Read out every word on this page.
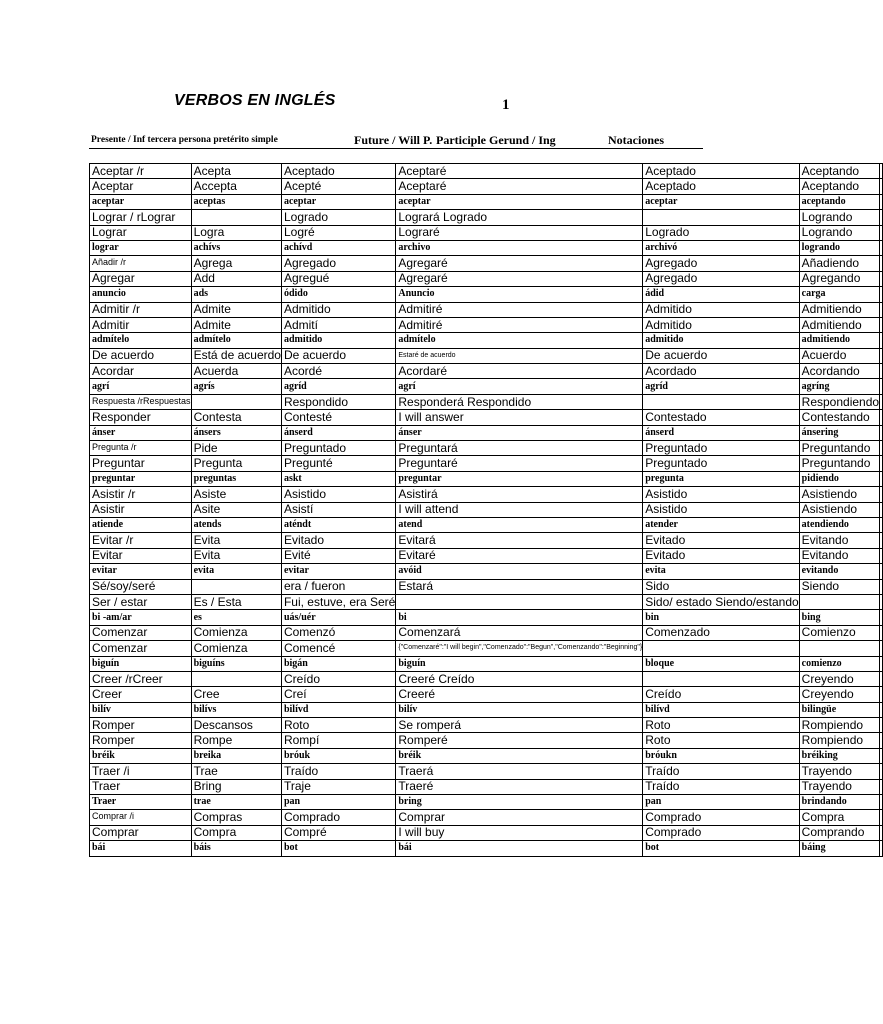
VERBOS EN INGLÉS	1
Presente / Inf tercera persona pretérito simple	Future / Will P.	Participle Gerund / Ing	Notaciones
Aceptar /r	Acepta	Aceptado	Aceptaré	Aceptado	Aceptando	
Aceptar	Accepta	Acepté	Aceptaré	Aceptado	Aceptando	
aceptar	aceptas	aceptar	aceptar	aceptar	aceptando	
Lograr / rLograr		Logrado	Logrará Logrado		Logrando	
Lograr	Logra	Logré	Lograré	Logrado	Logrando	
lograr	achívs	achívd	archivo	archivó	logrando	
Añadir /r	Agrega	Agregado	Agregaré	Agregado	Añadiendo	
Agregar	Add	Agregué	Agregaré	Agregado	Agregando	
anuncio	ads	ódido	Anuncio	ádid	carga	
Admitir /r	Admite	Admitido	Admitiré	Admitido	Admitiendo	
Admitir	Admite	Admití	Admitiré	Admitido	Admitiendo	
admítelo	admítelo	admitido	admítelo	admitido	admitiendo	
De acuerdo	Está de acuerdo	De acuerdo	Estaré de acuerdo	De acuerdo	Acuerdo	
Acordar	Acuerda	Acordé	Acordaré	Acordado	Acordando	
agrí	agrís	agríd	agrí	agríd	agríng	
Respuesta /rRespuestas		Respondido	Responderá Respondido		Respondiendo	
Responder	Contesta	Contesté	I will answer	Contestado	Contestando	
ánser	ánsers	ánserd	ánser	ánserd	ánsering	
Pregunta /r	Pide	Preguntado	Preguntará	Preguntado	Preguntando	
Preguntar	Pregunta	Pregunté	Preguntaré	Preguntado	Preguntando	
preguntar	preguntas	askt	preguntar	pregunta	pidiendo	
Asistir /r	Asiste	Asistido	Asistirá	Asistido	Asistiendo	
Asistir	Asite	Asistí	I will attend	Asistido	Asistiendo	
atiende	atends	aténdt	atend	atender	atendiendo	
Evitar /r	Evita	Evitado	Evitará	Evitado	Evitando	
Evitar	Evita	Evité	Evitaré	Evitado	Evitando	
evitar	evita	evitar	avóid	evita	evitando	
Sé/soy/seré		era / fueron	Estará	Sido	Siendo	
Ser / estar	Es / Esta	Fui, estuve, era Seré		Sido/ estado Siendo/estando		
bi -am/ar	es	uás/uér	bi	bin	bing	
Comenzar	Comienza	Comenzó	Comenzará	Comenzado	Comienzo	
Comenzar	Comienza	Comencé	{"Comenzaré":"I will begin","Comenzado":"Begun","Comenzando":"Beginning"}			
biguín	biguíns	bigán	biguín	bloque	comienzo	
Creer /rCreer		Creído	Creeré Creído		Creyendo	
Creer	Cree	Creí	Creeré	Creído	Creyendo	
bilív	bilívs	bilívd	bilív	bilívd	bilingüe	
Romper	Descansos	Roto	Se romperá	Roto	Rompiendo	
Romper	Rompe	Rompí	Romperé	Roto	Rompiendo	
bréik	breika	bróuk	bréik	bróukn	bréiking	
Traer /i	Trae	Traído	Traerá	Traído	Trayendo	
Traer	Bring	Traje	Traeré	Traído	Trayendo	
Traer	trae	pan	bring	pan	brindando	
Comprar /i	Compras	Comprado	Comprar	Comprado	Compra	
Comprar	Compra	Compré	I will buy	Comprado	Comprando	
bái	báis	bot	bái	bot	báing	
